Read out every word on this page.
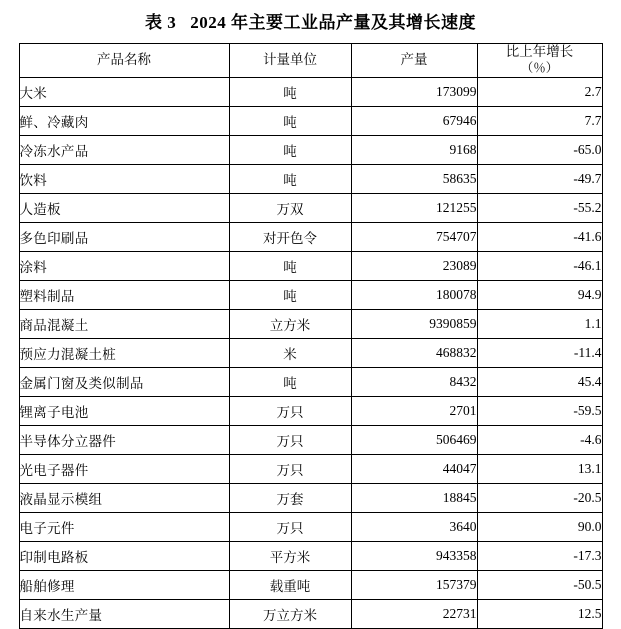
表 3 2024 年主要工业品产量及其增长速度
产品名称	计量单位	产量	比上年增长
（％）

大米	吨	173099	2.7
鲜、冷藏肉	吨	67946	7.7
冷冻水产品	吨	9168	-65.0
饮料	吨	58635	-49.7
人造板	万双	121255	-55.2
多色印刷品	对开色令	754707	-41.6
涂料	吨	23089	-46.1
塑料制品	吨	180078	94.9
商品混凝土	立方米	9390859	1.1
预应力混凝土桩	米	468832	-11.4
金属门窗及类似制品	吨	8432	45.4
锂离子电池	万只	2701	-59.5
半导体分立器件	万只	506469	-4.6
光电子器件	万只	44047	13.1
液晶显示模组	万套	18845	-20.5
电子元件	万只	3640	90.0
印制电路板	平方米	943358	-17.3
船舶修理	载重吨	157379	-50.5
自来水生产量	万立方米	22731	12.5
